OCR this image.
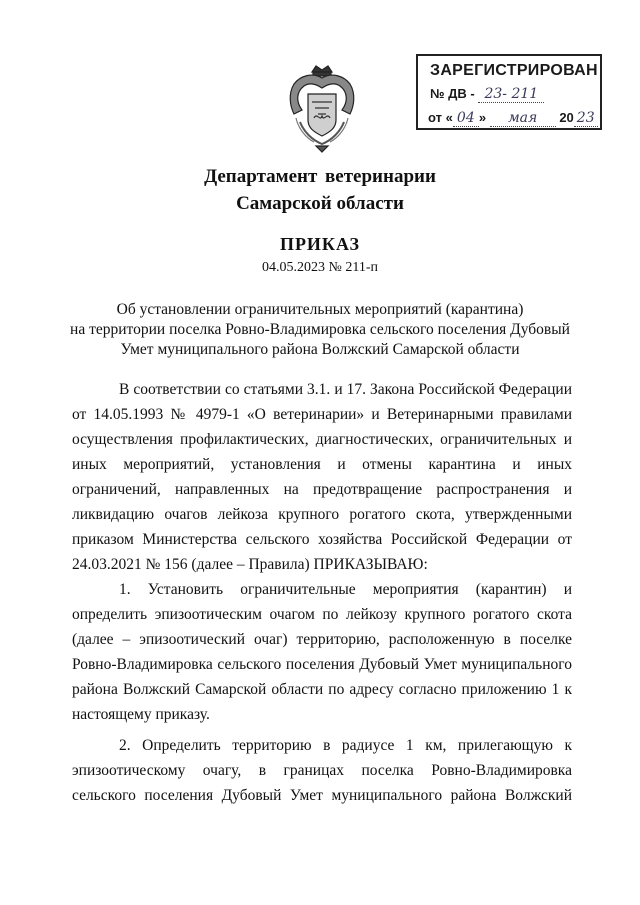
ЗАРЕГИСТРИРОВАН
№ ДВ - 23- 211
от « 04 » мая 20 23
Департамент ветеринарии
Самарской области
ПРИКАЗ
04.05.2023 № 211-п
Об установлении ограничительных мероприятий (карантина)
на территории поселка Ровно-Владимировка сельского поселения Дубовый
Умет муниципального района Волжский Самарской области
В соответствии со статьями 3.1. и 17. Закона Российской Федерации
от 14.05.1993 № 4979-1 «О ветеринарии» и Ветеринарными правилами
осуществления профилактических, диагностических, ограничительных и
иных мероприятий, установления и отмены карантина и иных
ограничений, направленных на предотвращение распространения и
ликвидацию очагов лейкоза крупного рогатого скота, утвержденными
приказом Министерства сельского хозяйства Российской Федерации от
24.03.2021 № 156 (далее – Правила) ПРИКАЗЫВАЮ:
1. Установить ограничительные мероприятия (карантин) и
определить эпизоотическим очагом по лейкозу крупного рогатого скота
(далее – эпизоотический очаг) территорию, расположенную в поселке
Ровно-Владимировка сельского поселения Дубовый Умет муниципального
района Волжский Самарской области по адресу согласно приложению 1 к
настоящему приказу.
2. Определить территорию в радиусе 1 км, прилегающую к
эпизоотическому очагу, в границах поселка Ровно-Владимировка
сельского поселения Дубовый Умет муниципального района Волжский
